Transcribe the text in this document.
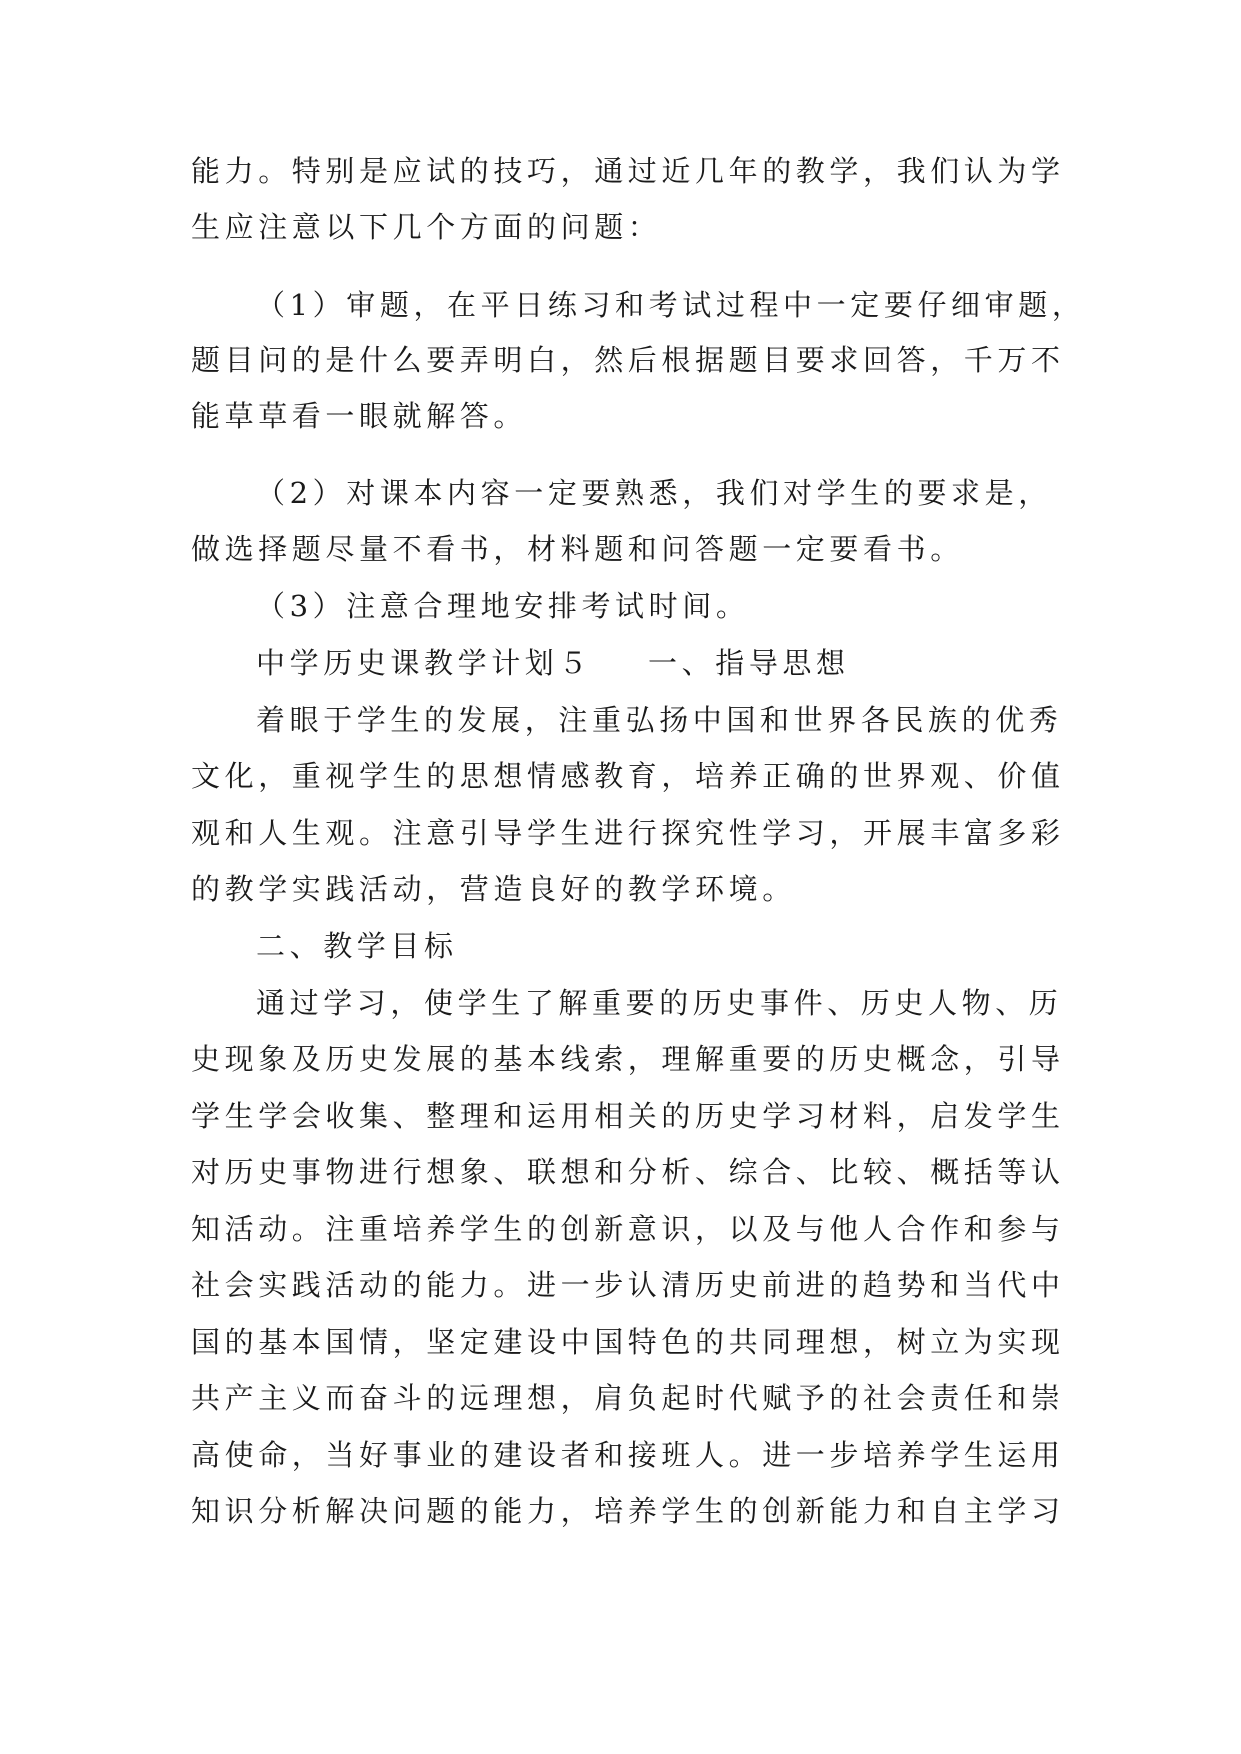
能力。特别是应试的技巧，通过近几年的教学，我们认为学

生应注意以下几个方面的问题：

（1）审题，在平日练习和考试过程中一定要仔细审题，

题目问的是什么要弄明白，然后根据题目要求回答，千万不

能草草看一眼就解答。

（2）对课本内容一定要熟悉，我们对学生的要求是，

做选择题尽量不看书，材料题和问答题一定要看书。

（3）注意合理地安排考试时间。

中学历史课教学计划５ 一、指导思想

着眼于学生的发展，注重弘扬中国和世界各民族的优秀

文化，重视学生的思想情感教育，培养正确的世界观、价值

观和人生观。注意引导学生进行探究性学习，开展丰富多彩

的教学实践活动，营造良好的教学环境。

二、教学目标

通过学习，使学生了解重要的历史事件、历史人物、历

史现象及历史发展的基本线索，理解重要的历史概念，引导

学生学会收集、整理和运用相关的历史学习材料，启发学生

对历史事物进行想象、联想和分析、综合、比较、概括等认

知活动。注重培养学生的创新意识，以及与他人合作和参与

社会实践活动的能力。进一步认清历史前进的趋势和当代中

国的基本国情，坚定建设中国特色的共同理想，树立为实现

共产主义而奋斗的远理想，肩负起时代赋予的社会责任和崇

高使命，当好事业的建设者和接班人。进一步培养学生运用

知识分析解决问题的能力，培养学生的创新能力和自主学习
